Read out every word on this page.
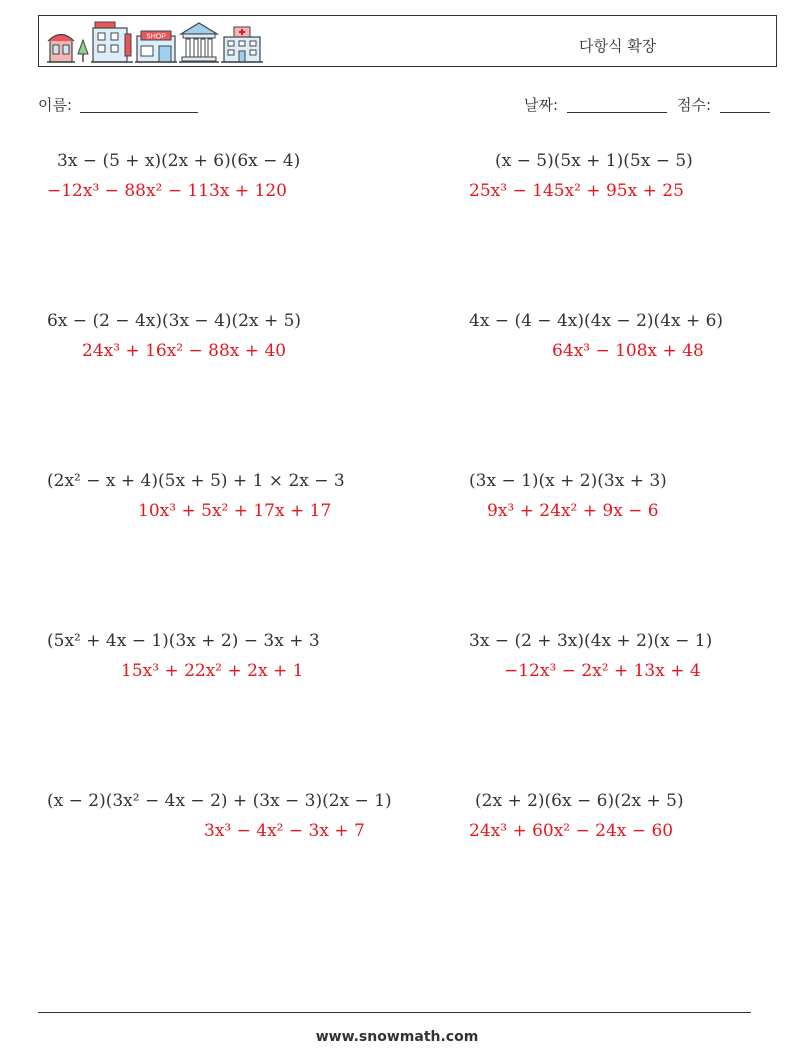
SHOP	다항식 확장
이름:	날짜:	점수:
3x − (5 + x)(2x + 6)(6x − 4)
−12x³ − 88x² − 113x + 120
6x − (2 − 4x)(3x − 4)(2x + 5)
24x³ + 16x² − 88x + 40
(2x² − x + 4)(5x + 5) + 1 × 2x − 3
10x³ + 5x² + 17x + 17
(5x² + 4x − 1)(3x + 2) − 3x + 3
15x³ + 22x² + 2x + 1
(x − 2)(3x² − 4x − 2) + (3x − 3)(2x − 1)
3x³ − 4x² − 3x + 7
(x − 5)(5x + 1)(5x − 5)
25x³ − 145x² + 95x + 25
4x − (4 − 4x)(4x − 2)(4x + 6)
64x³ − 108x + 48
(3x − 1)(x + 2)(3x + 3)
9x³ + 24x² + 9x − 6
3x − (2 + 3x)(4x + 2)(x − 1)
−12x³ − 2x² + 13x + 4
(2x + 2)(6x − 6)(2x + 5)
24x³ + 60x² − 24x − 60
www.snowmath.com
